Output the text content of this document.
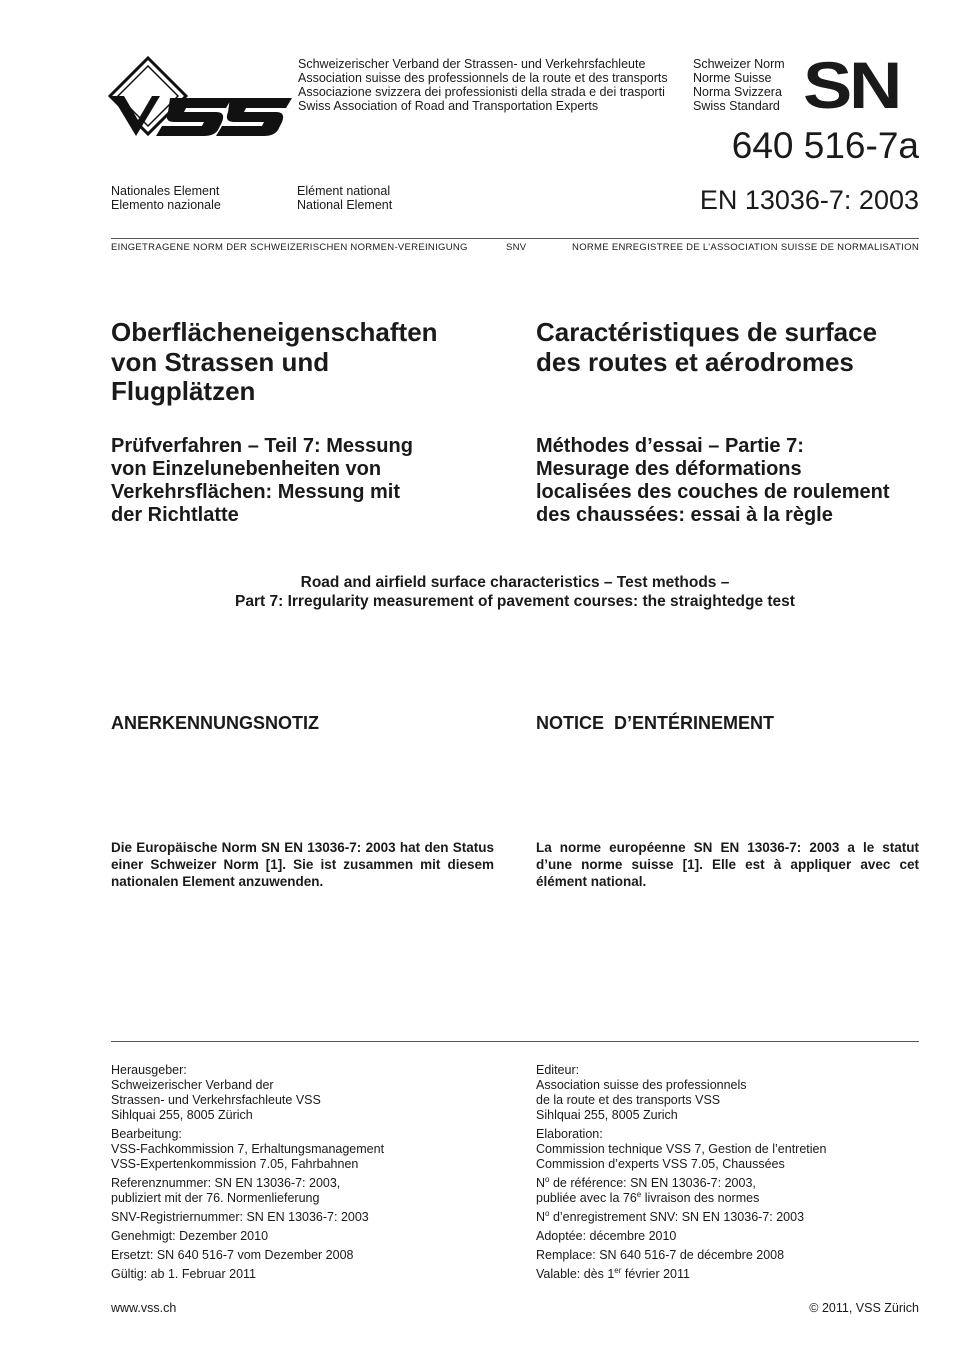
Schweizerischer Verband der Strassen- und Verkehrsfachleute
Association suisse des professionnels de la route et des transports
Associazione svizzera dei professionisti della strada e dei trasporti
Swiss Association of Road and Transportation Experts
Schweizer Norm
Norme Suisse
Norma Svizzera
Swiss Standard SN
640 516-7a
EN 13036-7: 2003
Nationales Element
Elemento nazionale
Elément national
National Element
EINGETRAGENE NORM DER SCHWEIZERISCHEN NORMEN-VEREINIGUNG	SNV	NORME ENREGISTREE DE L’ASSOCIATION SUISSE DE NORMALISATION
Oberflächeneigenschaften
von Strassen und
Flugplätzen
Caractéristiques de surface
des routes et aérodromes
Prüfverfahren – Teil 7: Messung
von Einzelunebenheiten von
Verkehrsflächen: Messung mit
der Richtlatte
Méthodes d’essai – Partie 7:
Mesurage des déformations
localisées des couches de roulement
des chaussées: essai à la règle
Road and airfield surface characteristics – Test methods –
Part 7: Irregularity measurement of pavement courses: the straightedge test
ANERKENNUNGSNOTIZ	NOTICE  D’ENTÉRINEMENT
Die Europäische Norm SN EN 13036-7: 2003 hat den Status einer Schweizer Norm [1]. Sie ist zusammen mit diesem nationalen Element anzuwenden.
La norme européenne SN EN 13036-7: 2003 a le statut d’une norme suisse [1]. Elle est à appliquer avec cet élément national.
Herausgeber:
Schweizerischer Verband der
Strassen- und Verkehrsfachleute VSS
Sihlquai 255, 8005 Zürich
Bearbeitung:
VSS-Fachkommission 7, Erhaltungsmanagement
VSS-Expertenkommission 7.05, Fahrbahnen
Referenznummer: SN EN 13036-7: 2003,
publiziert mit der 76. Normenlieferung
SNV-Registriernummer: SN EN 13036-7: 2003
Genehmigt: Dezember 2010
Ersetzt: SN 640 516-7 vom Dezember 2008
Gültig: ab 1. Februar 2011
Editeur:
Association suisse des professionnels
de la route et des transports VSS
Sihlquai 255, 8005 Zurich
Elaboration:
Commission technique VSS 7, Gestion de l’entretien
Commission d’experts VSS 7.05, Chaussées
$N^o$ de référence: SN EN 13036-7: 2003,
publiée avec la 76e livraison des normes
$N^o$ d’enregistrement SNV: SN EN 13036-7: 2003
Adoptée: décembre 2010
Remplace: SN 640 516-7 de décembre 2008
Valable: dès 1er février 2011
www.vss.ch	© 2011, VSS Zürich
